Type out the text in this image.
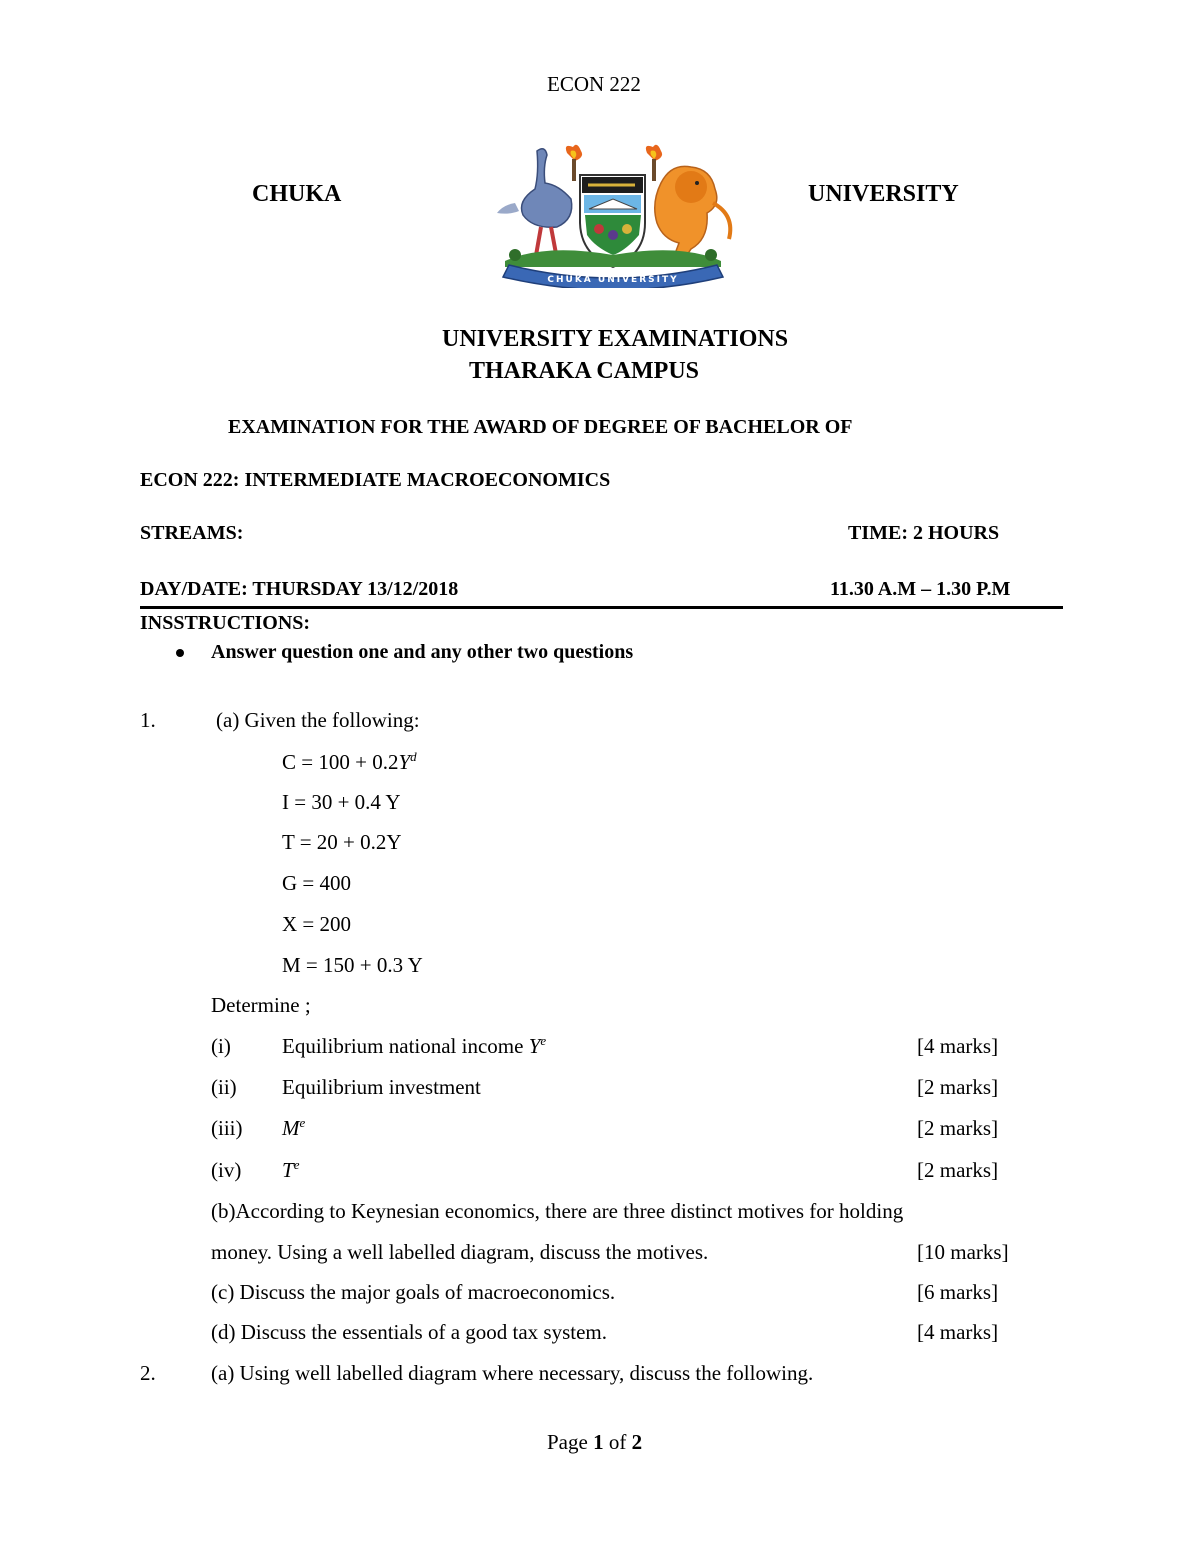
ECON 222
CHUKA	UNIVERSITY
CHUKA UNIVERSITY
UNIVERSITY EXAMINATIONS
THARAKA CAMPUS
EXAMINATION FOR THE AWARD OF DEGREE OF BACHELOR OF
ECON 222: INTERMEDIATE MACROECONOMICS
STREAMS:	TIME: 2 HOURS
DAY/DATE: THURSDAY 13/12/2018	11.30 A.M – 1.30 P.M
INSSTRUCTIONS:
Answer question one and any other two questions
1.	(a) Given the following:
$C = 100 + 0.2Y^d$
I = 30 + 0.4 Y
T = 20 + 0.2Y
G = 400
X = 200
M = 150 + 0.3 Y
Determine ;
(i) Equilibrium national income $Y^e$	[4 marks]
(ii) Equilibrium investment	[2 marks]
(iii) Me	[2 marks]
(iv) $T^e$	[2 marks]
(b)According to Keynesian economics, there are three distinct motives for holding
money. Using a well labelled diagram, discuss the motives.	[10 marks]
(c) Discuss the major goals of macroeconomics.	[6 marks]
(d) Discuss the essentials of a good tax system.	[4 marks]
2.	(a) Using well labelled diagram where necessary, discuss the following.
Page 1 of 2
